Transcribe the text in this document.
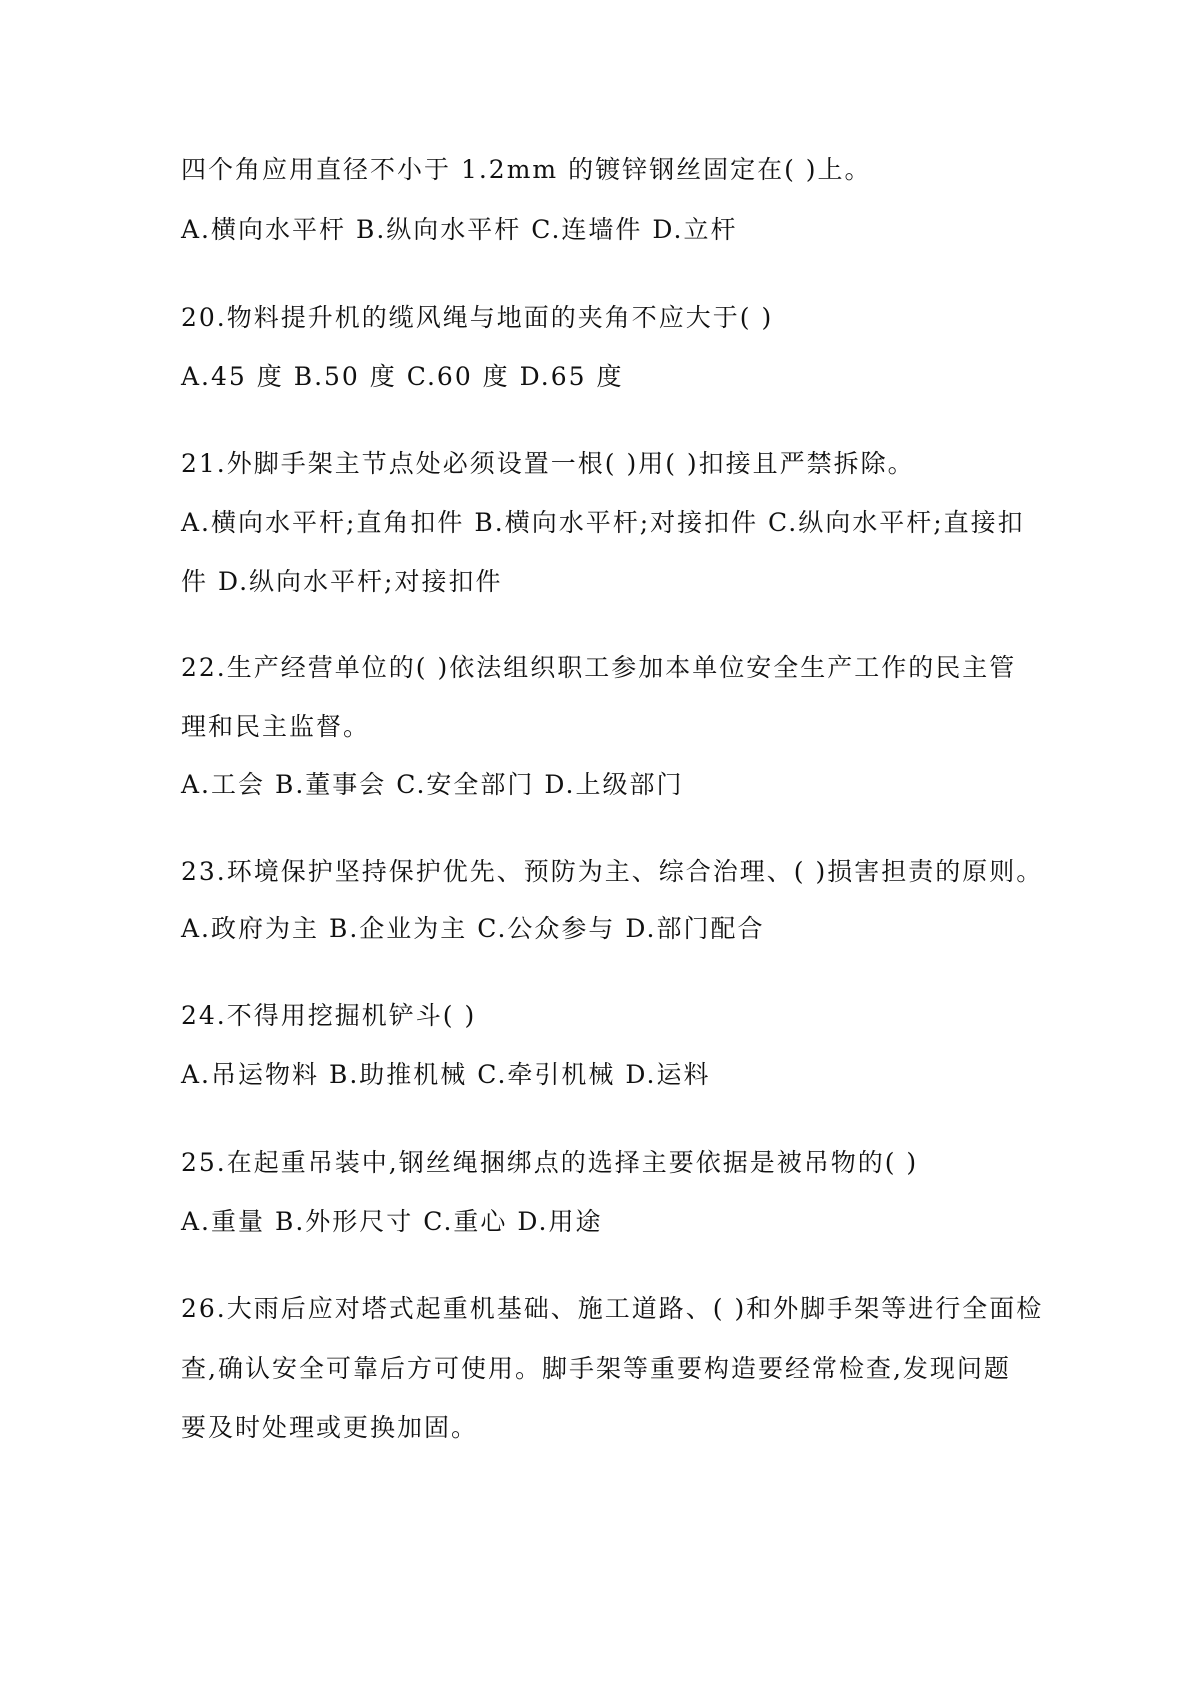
四个角应用直径不小于 1.2mm 的镀锌钢丝固定在( )上。
A.横向水平杆 B.纵向水平杆 C.连墙件 D.立杆
20.物料提升机的缆风绳与地面的夹角不应大于( )
A.45 度 B.50 度 C.60 度 D.65 度
21.外脚手架主节点处必须设置一根( )用( )扣接且严禁拆除。
A.横向水平杆;直角扣件 B.横向水平杆;对接扣件 C.纵向水平杆;直接扣
件 D.纵向水平杆;对接扣件
22.生产经营单位的( )依法组织职工参加本单位安全生产工作的民主管
理和民主监督。
A.工会 B.董事会 C.安全部门 D.上级部门
23.环境保护坚持保护优先、预防为主、综合治理、( )损害担责的原则。
A.政府为主 B.企业为主 C.公众参与 D.部门配合
24.不得用挖掘机铲斗( )
A.吊运物料 B.助推机械 C.牵引机械 D.运料
25.在起重吊装中,钢丝绳捆绑点的选择主要依据是被吊物的( )
A.重量 B.外形尺寸 C.重心 D.用途
26.大雨后应对塔式起重机基础、施工道路、( )和外脚手架等进行全面检
查,确认安全可靠后方可使用。脚手架等重要构造要经常检查,发现问题
要及时处理或更换加固。
